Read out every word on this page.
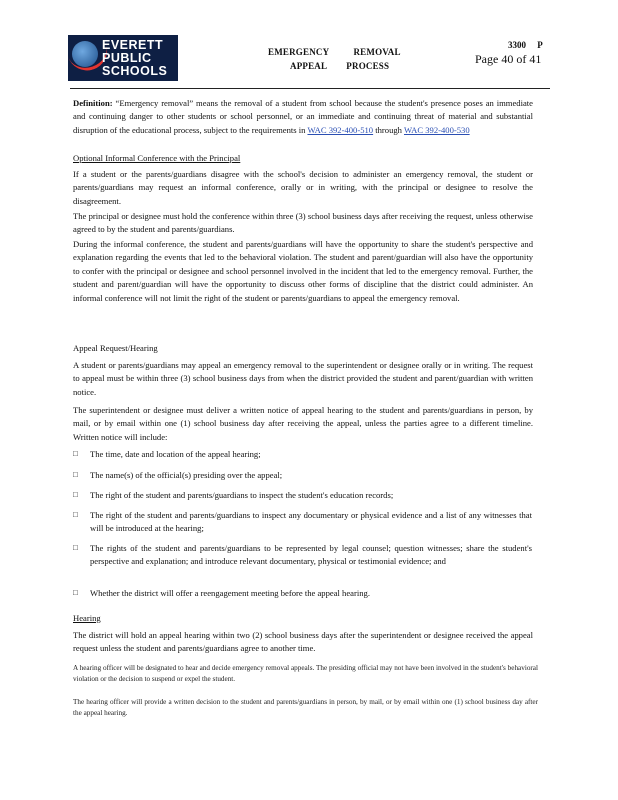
EVERETT
PUBLIC
SCHOOLS
EMERGENCY          REMOVAL
APPEAL        PROCESS
3300     P
Page 40 of 41
Definition: “Emergency removal” means the removal of a student from school because the student's presence poses an immediate and continuing danger to other students or school personnel, or an immediate and continuing threat of material and substantial disruption of the educational process, subject to the requirements in WAC 392-400-510 through WAC 392-400-530
Optional Informal Conference with the Principal
If a student or the parents/guardians disagree with the school's decision to administer an emergency removal, the student or parents/guardians may request an informal conference, orally or in writing, with the principal or designee to resolve the disagreement.
The principal or designee must hold the conference within three (3) school business days after receiving the request, unless otherwise agreed to by the student and parents/guardians.
During the informal conference, the student and parents/guardians will have the opportunity to share the student's perspective and explanation regarding the events that led to the behavioral violation. The student and parent/guardian will also have the opportunity to confer with the principal or designee and school personnel involved in the incident that led to the emergency removal. Further, the student and parent/guardian will have the opportunity to discuss other forms of discipline that the district could administer. An informal conference will not limit the right of the student or parents/guardians to appeal the emergency removal.
Appeal Request/Hearing
A student or parents/guardians may appeal an emergency removal to the superintendent or designee orally or in writing. The request to appeal must be within three (3) school business days from when the district provided the student and parent/guardian with written notice.
The superintendent or designee must deliver a written notice of appeal hearing to the student and parents/guardians in person, by mail, or by email within one (1) school business day after receiving the appeal, unless the parties agree to a different timeline. Written notice will include:
□ The time, date and location of the appeal hearing;
□ The name(s) of the official(s) presiding over the appeal;
□ The right of the student and parents/guardians to inspect the student's education records;
□ The right of the student and parents/guardians to inspect any documentary or physical evidence and a list of any witnesses that will be introduced at the hearing;
□ The rights of the student and parents/guardians to be represented by legal counsel; question witnesses; share the student's perspective and explanation; and introduce relevant documentary, physical or testimonial evidence; and
□ Whether the district will offer a reengagement meeting before the appeal hearing.
Hearing
The district will hold an appeal hearing within two (2) school business days after the superintendent or designee received the appeal request unless the student and parents/guardians agree to another time.
A hearing officer will be designated to hear and decide emergency removal appeals. The presiding official may not have been involved in the student's behavioral violation or the decision to suspend or expel the student.
The hearing officer will provide a written decision to the student and parents/guardians in person, by mail, or by email within one (1) school business day after the appeal hearing.
